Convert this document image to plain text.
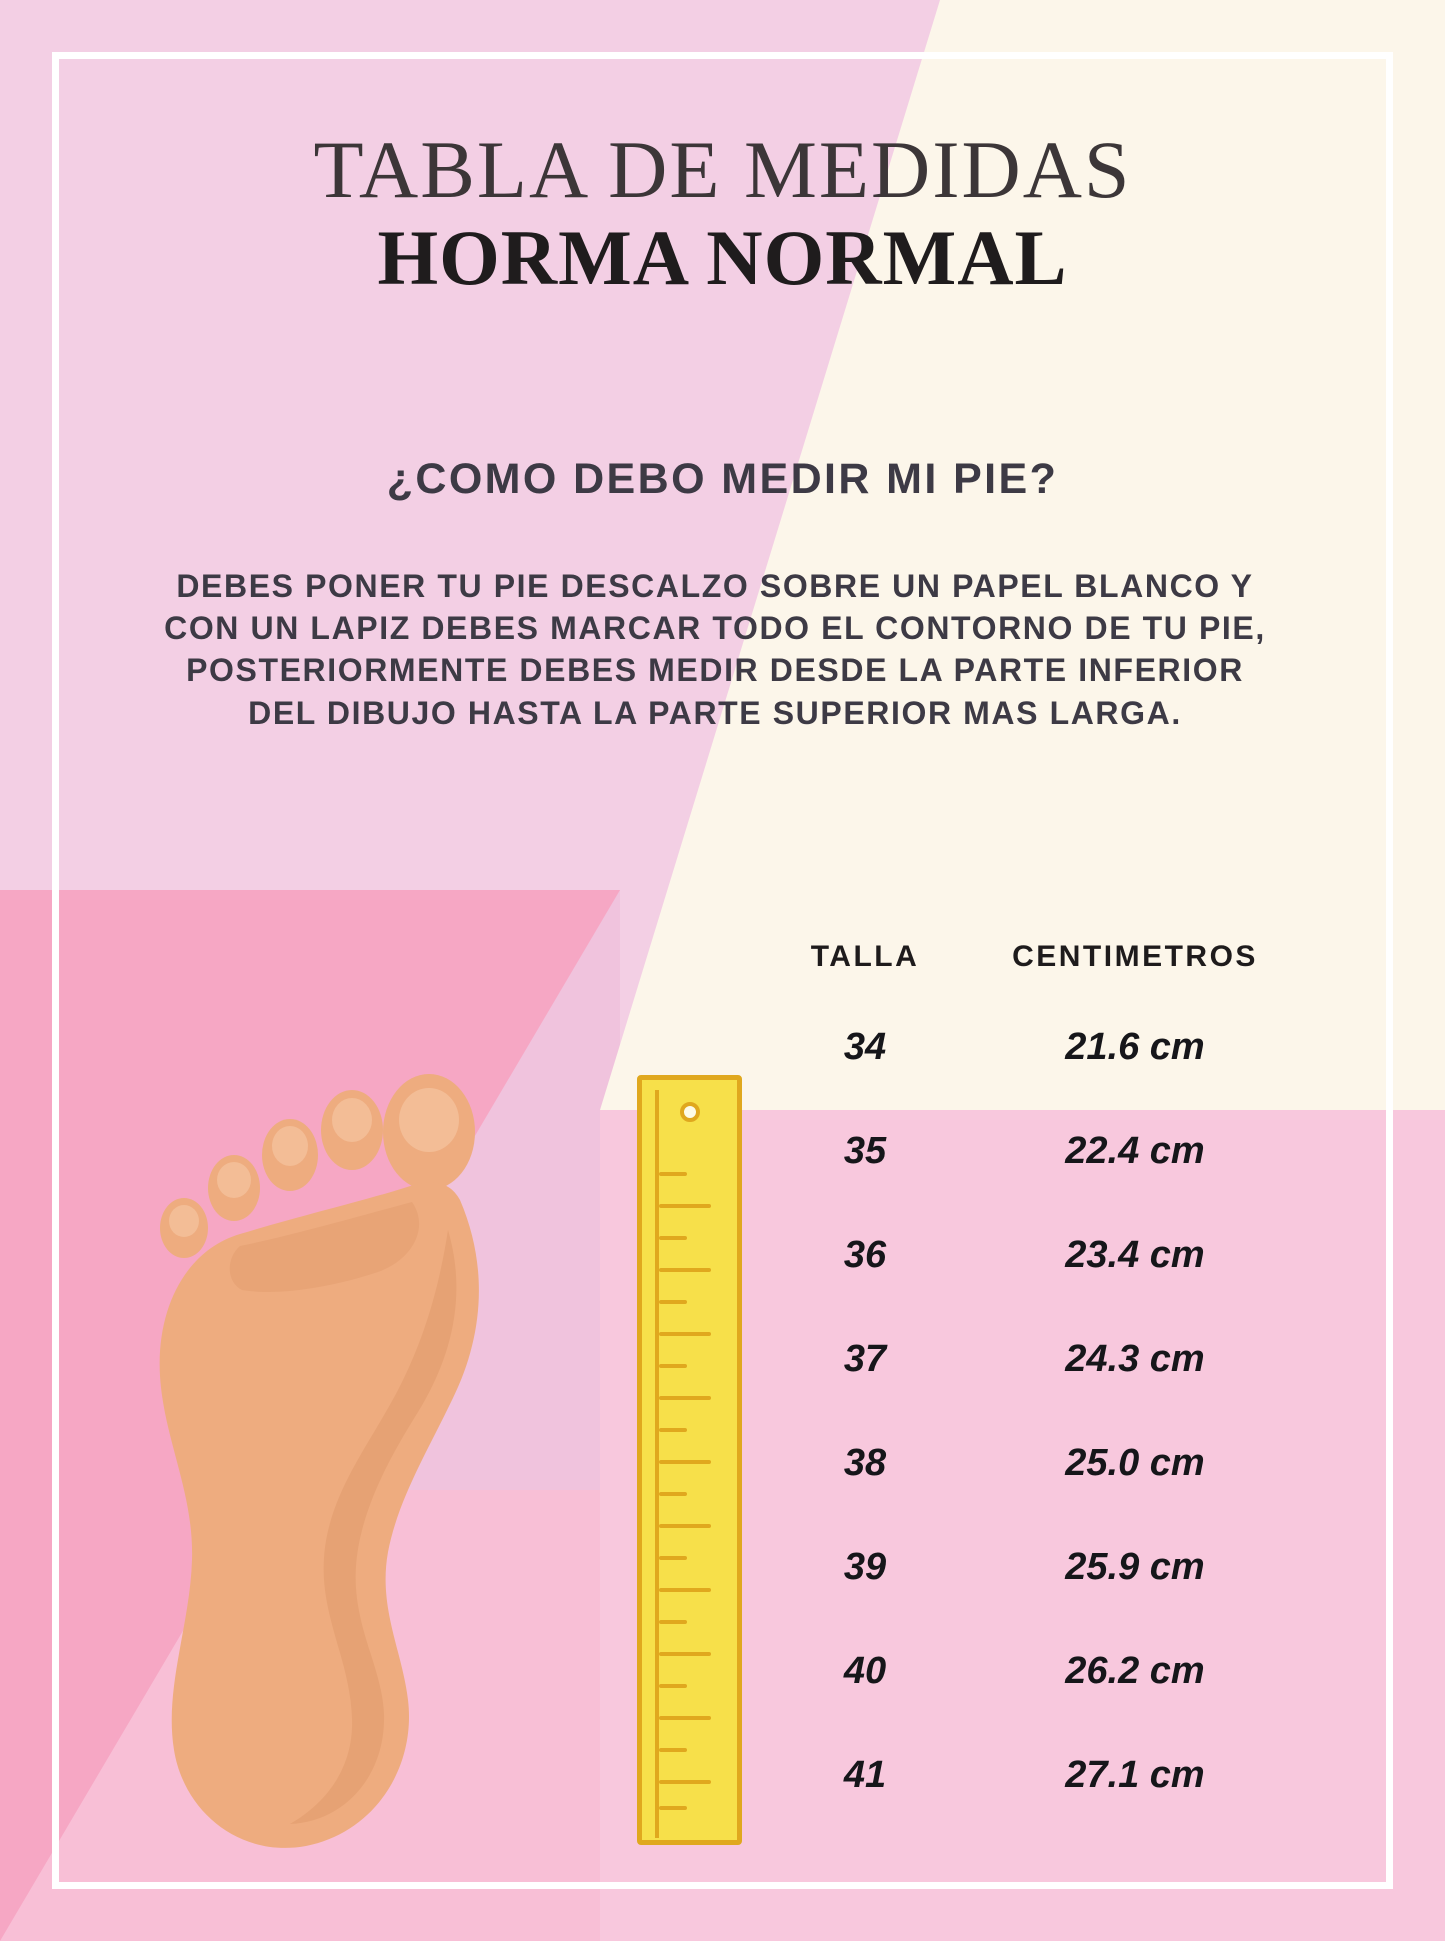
TABLA DE MEDIDAS
HORMA NORMAL
¿COMO DEBO MEDIR MI PIE?
DEBES PONER TU PIE DESCALZO SOBRE UN PAPEL BLANCO Y CON UN LAPIZ DEBES MARCAR TODO EL CONTORNO DE TU PIE, POSTERIORMENTE DEBES MEDIR DESDE LA PARTE INFERIOR DEL DIBUJO HASTA LA PARTE SUPERIOR MAS LARGA.
TALLA	CENTIMETROS
34	21.6 cm
35	22.4 cm
36	23.4 cm
37	24.3 cm
38	25.0 cm
39	25.9 cm
40	26.2 cm
41	27.1 cm
